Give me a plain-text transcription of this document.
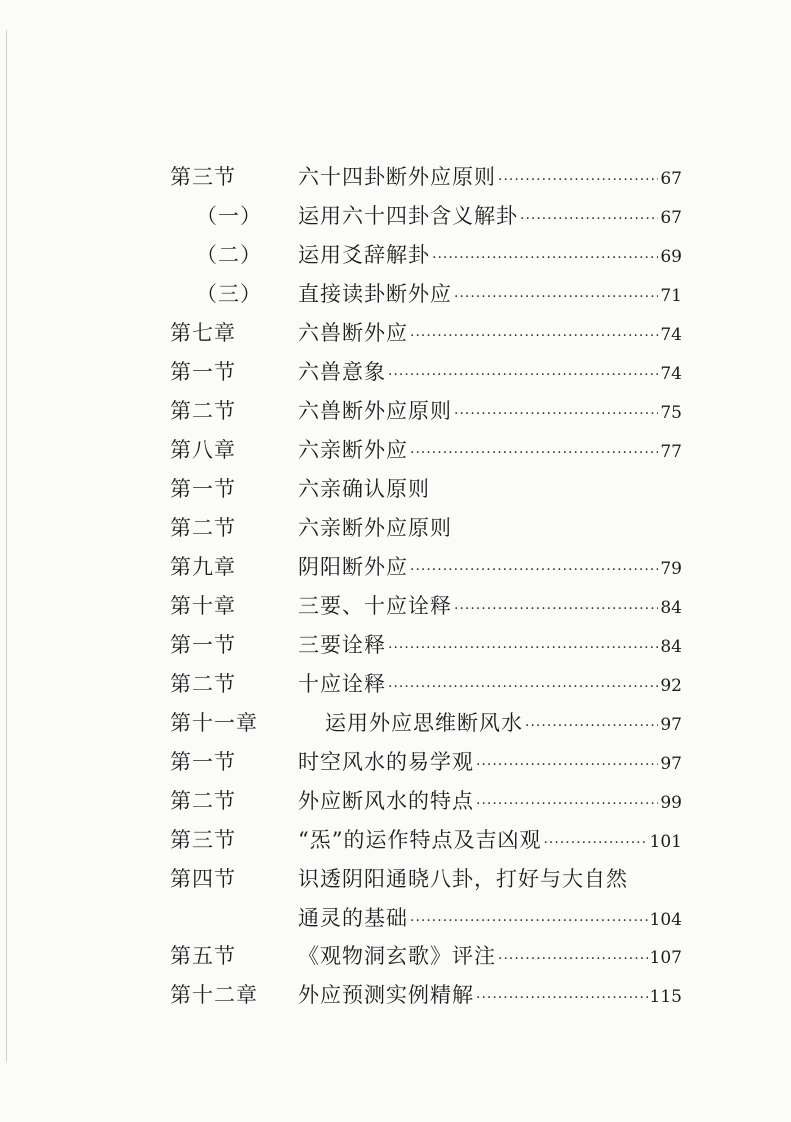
第三节	六十四卦断外应原则 ·····	67
（一） 运用六十四卦含义解卦 ·····	67
（二） 运用爻辞解卦 ·····	69
（三） 直接读卦断外应 ·····	71
第七章	六兽断外应 ·····	74
第一节	六兽意象 ·····	74
第二节	六兽断外应原则 ·····	75
第八章	六亲断外应 ·····	77
第一节	六亲确认原则
第二节	六亲断外应原则
第九章	阴阳断外应 ·····	79
第十章	三要、十应诠释 ·····	84
第一节	三要诠释 ·····	84
第二节	十应诠释 ·····	92
第十一章	运用外应思维断风水 ·····	97
第一节	时空风水的易学观 ·····	97
第二节	外应断风水的特点 ·····	99
第三节	“炁”的运作特点及吉凶观 ·····	101
第四节	识透阴阳通晓八卦，打好与大自然
通灵的基础 ·····	104
第五节	《观物洞玄歌》评注 ·····	107
第十二章 外应预测实例精解 ·····	115
